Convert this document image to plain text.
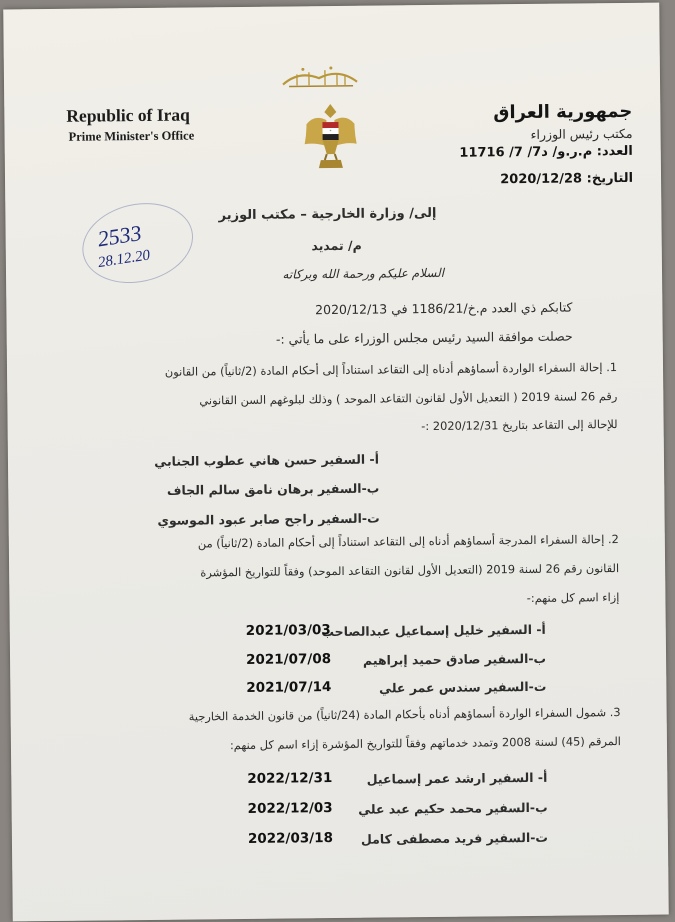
*
Republic of Iraq
Prime Minister's Office
جمهورية العراق
مكتب رئيس الوزراء
العدد: م.ر.و/ د7/ 7/ 11716
التاريخ: 2020/12/28
2533
28.12.20
إلى/ وزارة الخارجية – مكتب الوزير
م/ تمديد
السلام عليكم ورحمة الله وبركاته
كتابكم ذي العدد م.خ/1186/21 في 2020/12/13
حصلت موافقة السيد رئيس مجلس الوزراء على ما يأتي :-
1. إحالة السفراء الواردة أسماؤهم أدناه إلى التقاعد استناداً إلى أحكام المادة (2/ثانياً) من القانون
رقم 26 لسنة 2019 ( التعديل الأول لقانون التقاعد الموحد ) وذلك لبلوغهم السن القانوني
للإحالة إلى التقاعد بتاريخ 2020/12/31 :-
أ- السفير حسن هاني عطوب الجنابي
ب-السفير برهان نامق سالم الجاف
ت-السفير راجح صابر عبود الموسوي
2. إحالة السفراء المدرجة أسماؤهم أدناه إلى التقاعد استناداً إلى أحكام المادة (2/ثانياً) من
القانون رقم 26 لسنة 2019 (التعديل الأول لقانون التقاعد الموحد) وفقاً للتواريخ المؤشرة
إزاء اسم كل منهم:-
أ- السفير خليل إسماعيل عبدالصاحب
2021/03/03
ب-السفير صادق حميد إبراهيم
2021/07/08
ت-السفير سندس عمر علي
2021/07/14
3. شمول السفراء الواردة أسماؤهم أدناه بأحكام المادة (24/ثانياً) من قانون الخدمة الخارجية
المرقم (45) لسنة 2008 وتمدد خدماتهم وفقاً للتواريخ المؤشرة إزاء اسم كل منهم:
أ- السفير ارشد عمر إسماعيل
2022/12/31
ب-السفير محمد حكيم عبد علي
2022/12/03
ت-السفير فريد مصطفى كامل
2022/03/18
